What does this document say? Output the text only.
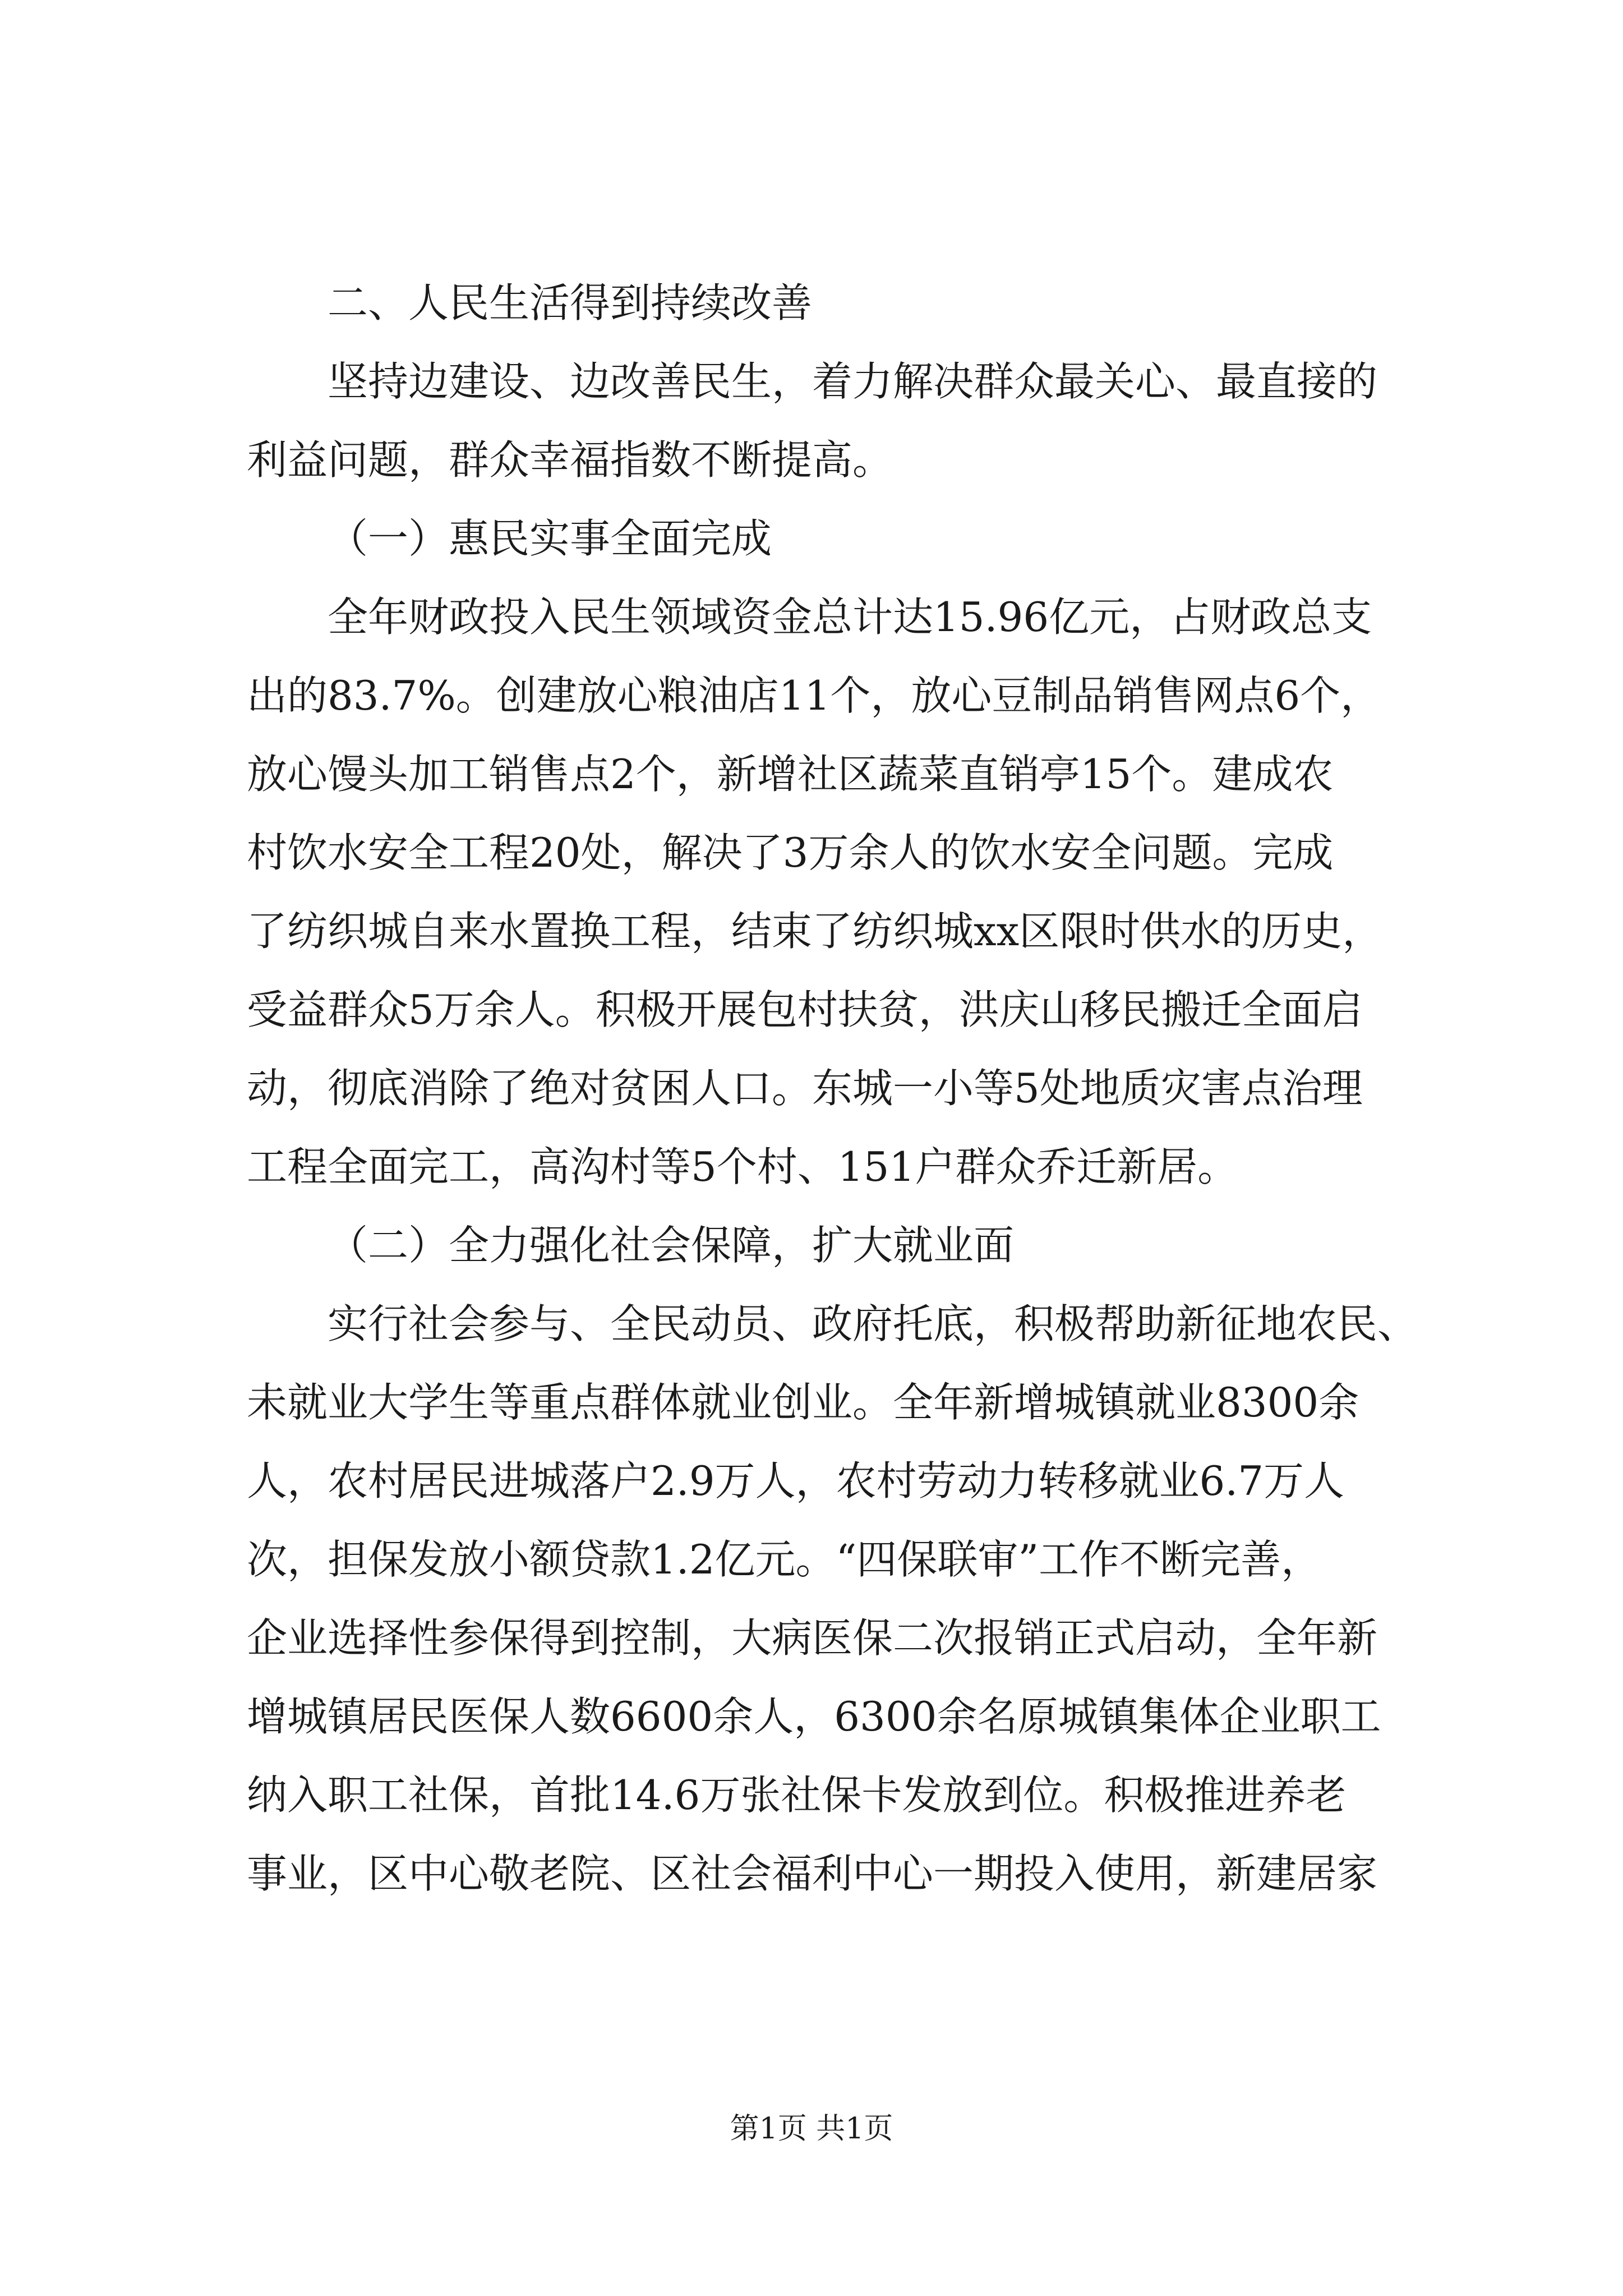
二、人民生活得到持续改善
坚持边建设、边改善民生，着力解决群众最关心、最直接的
利益问题，群众幸福指数不断提高。
（一）惠民实事全面完成
全年财政投入民生领域资金总计达15.96亿元，占财政总支
出的83.7%。创建放心粮油店11个，放心豆制品销售网点6个，
放心馒头加工销售点2个，新增社区蔬菜直销亭15个。建成农
村饮水安全工程20处，解决了3万余人的饮水安全问题。完成
了纺织城自来水置换工程，结束了纺织城xx区限时供水的历史，
受益群众5万余人。积极开展包村扶贫，洪庆山移民搬迁全面启
动，彻底消除了绝对贫困人口。东城一小等5处地质灾害点治理
工程全面完工，高沟村等5个村、151户群众乔迁新居。
（二）全力强化社会保障，扩大就业面
实行社会参与、全民动员、政府托底，积极帮助新征地农民、
未就业大学生等重点群体就业创业。全年新增城镇就业8300余
人，农村居民进城落户2.9万人，农村劳动力转移就业6.7万人
次，担保发放小额贷款1.2亿元。“四保联审”工作不断完善，
企业选择性参保得到控制，大病医保二次报销正式启动，全年新
增城镇居民医保人数6600余人，6300余名原城镇集体企业职工
纳入职工社保，首批14.6万张社保卡发放到位。积极推进养老
事业，区中心敬老院、区社会福利中心一期投入使用，新建居家
第1页 共1页
